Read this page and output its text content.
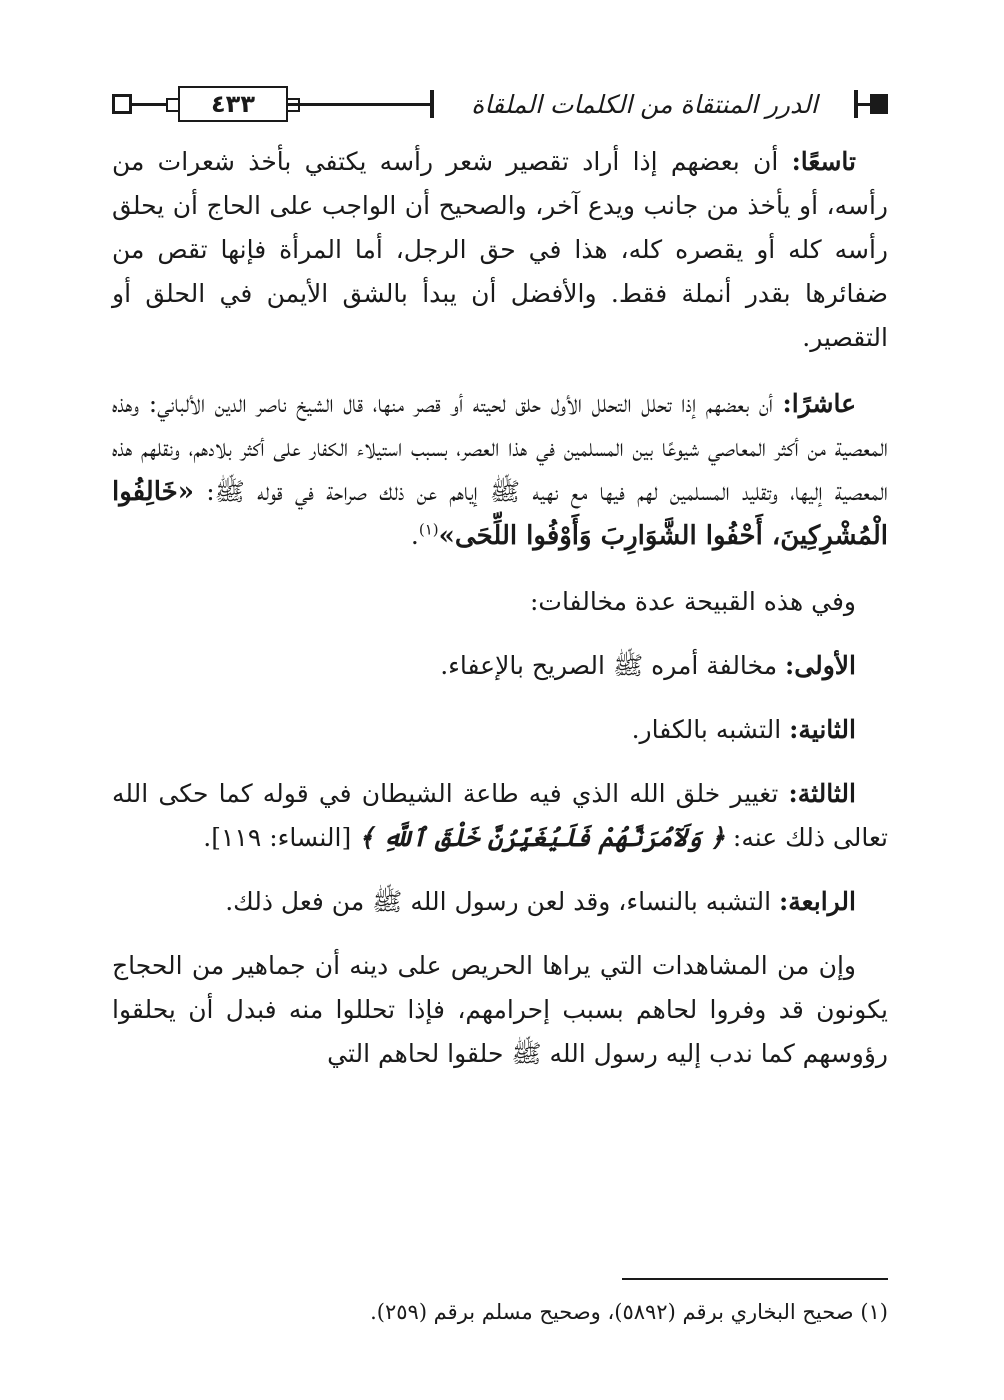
٤٣٣	الدرر المنتقاة من الكلمات الملقاة

تاسعًا: أن بعضهم إذا أراد تقصير شعر رأسه يكتفي بأخذ شعرات من رأسه، أو يأخذ من جانب ويدع آخر، والصحيح أن الواجب على الحاج أن يحلق رأسه كله أو يقصره كله، هذا في حق الرجل، أما المرأة فإنها تقص من ضفائرها بقدر أنملة فقط. والأفضل أن يبدأ بالشق الأيمن في الحلق أو التقصير.

عاشرًا: أن بعضهم إذا تحلل التحلل الأول حلق لحيته أو قصر منها، قال الشيخ ناصر الدين الألباني: وهذه المعصية من أكثر المعاصي شيوعًا بين المسلمين في هذا العصر، بسبب استيلاء الكفار على أكثر بلادهم، ونقلهم هذه المعصية إليها، وتقليد المسلمين لهم فيها مع نهيه ﷺ إياهم عن ذلك صراحة في قوله ﷺ: «خَالِفُوا الْمُشْرِكِينَ، أَحْفُوا الشَّوَارِبَ وَأَوْفُوا اللِّحَى»$^{(١)}$.

وفي هذه القبيحة عدة مخالفات:

الأولى: مخالفة أمره ﷺ الصريح بالإعفاء.

الثانية: التشبه بالكفار.

الثالثة: تغيير خلق الله الذي فيه طاعة الشيطان في قوله كما حكى الله تعالى ذلك عنه: ﴿ وَلَآمُرَنَّهُمْ فَلَيُغَيِّرُنَّ خَلْقَ ٱللَّهِ ﴾ [النساء: ١١٩].

الرابعة: التشبه بالنساء، وقد لعن رسول الله ﷺ من فعل ذلك.

وإن من المشاهدات التي يراها الحريص على دينه أن جماهير من الحجاج يكونون قد وفروا لحاهم بسبب إحرامهم، فإذا تحللوا منه فبدل أن يحلقوا رؤوسهم كما ندب إليه رسول الله ﷺ حلقوا لحاهم التي

(١) صحيح البخاري برقم (٥٨٩٢)، وصحيح مسلم برقم (٢٥٩).
